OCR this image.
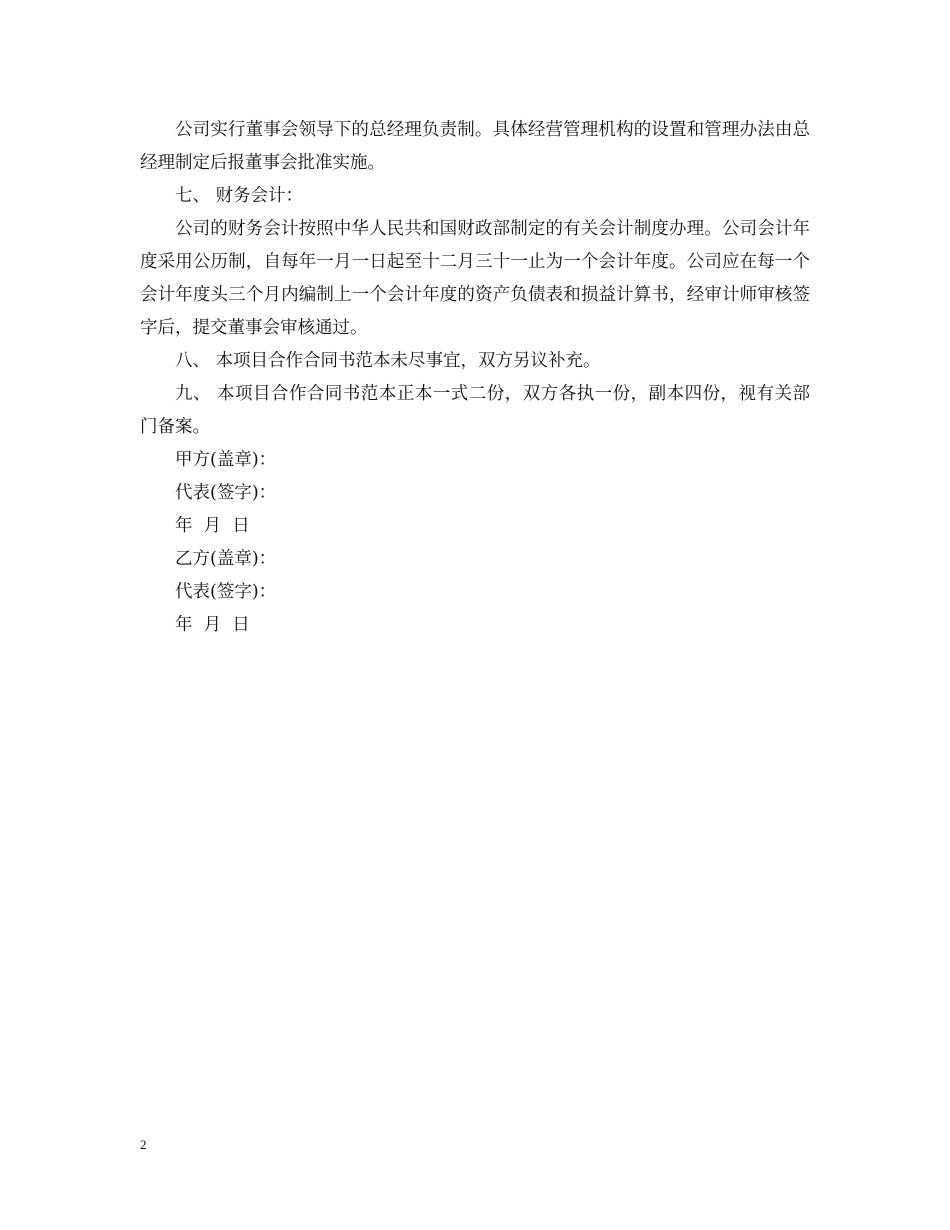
公司实行董事会领导下的总经理负责制。具体经营管理机构的设置和管理办法由总经理制定后报董事会批准实施。

七、 财务会计：

公司的财务会计按照中华人民共和国财政部制定的有关会计制度办理。公司会计年度采用公历制，自每年一月一日起至十二月三十一止为一个会计年度。公司应在每一个会计年度头三个月内编制上一个会计年度的资产负债表和损益计算书，经审计师审核签字后，提交董事会审核通过。

八、 本项目合作合同书范本未尽事宜，双方另议补充。

九、 本项目合作合同书范本正本一式二份，双方各执一份，副本四份，视有关部门备案。

甲方(盖章)：

代表(签字)：

年  月  日

乙方(盖章)：

代表(签字)：

年  月  日

2
